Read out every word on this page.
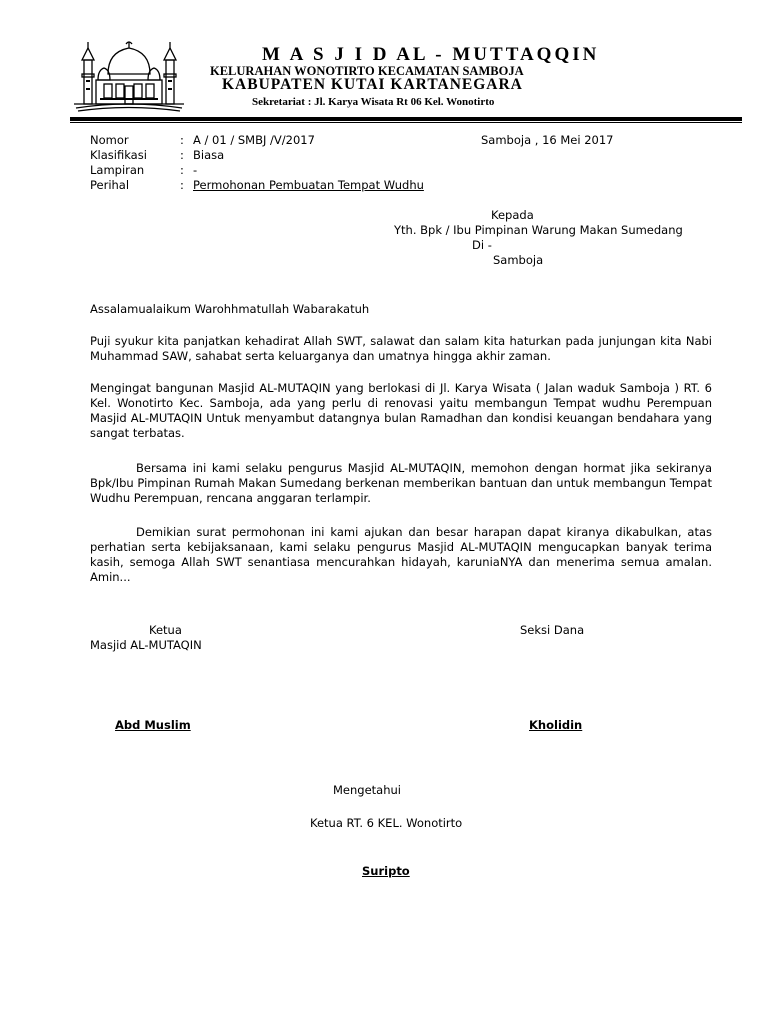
M A S J I D AL - MUTTAQQIN
KELURAHAN WONOTIRTO KECAMATAN SAMBOJA
KABUPATEN KUTAI KARTANEGARA
Sekretariat : Jl. Karya Wisata Rt 06 Kel. Wonotirto
Nomor	: A / 01 / SMBJ /V/2017
Klasifikasi	: Biasa
Lampiran	: -
Perihal	: Permohonan Pembuatan Tempat Wudhu
Samboja , 16 Mei 2017
Kepada
Yth. Bpk / Ibu Pimpinan Warung Makan Sumedang
Di -
Samboja
Assalamualaikum Warohhmatullah Wabarakatuh
Puji syukur kita panjatkan kehadirat Allah SWT, salawat dan salam kita haturkan pada junjungan kita Nabi Muhammad SAW, sahabat serta keluarganya dan umatnya hingga akhir zaman.
Mengingat bangunan Masjid AL-MUTAQIN yang berlokasi di Jl. Karya Wisata ( Jalan waduk Samboja ) RT. 6 Kel. Wonotirto Kec. Samboja, ada yang perlu di renovasi yaitu membangun Tempat wudhu Perempuan Masjid AL-MUTAQIN Untuk menyambut datangnya bulan Ramadhan dan kondisi keuangan bendahara yang sangat terbatas.
Bersama ini kami selaku pengurus Masjid AL-MUTAQIN, memohon dengan hormat jika sekiranya Bpk/Ibu Pimpinan Rumah Makan Sumedang berkenan memberikan bantuan dan untuk membangun Tempat Wudhu Perempuan, rencana anggaran terlampir.
Demikian surat permohonan ini kami ajukan dan besar harapan dapat kiranya dikabulkan, atas perhatian serta kebijaksanaan, kami selaku pengurus Masjid AL-MUTAQIN mengucapkan banyak terima kasih, semoga Allah SWT senantiasa mencurahkan hidayah, karuniaNYA dan menerima semua amalan. Amin...
Ketua
Masjid AL-MUTAQIN
Seksi Dana
Abd Muslim	Kholidin
Mengetahui
Ketua RT. 6 KEL. Wonotirto
Suripto
